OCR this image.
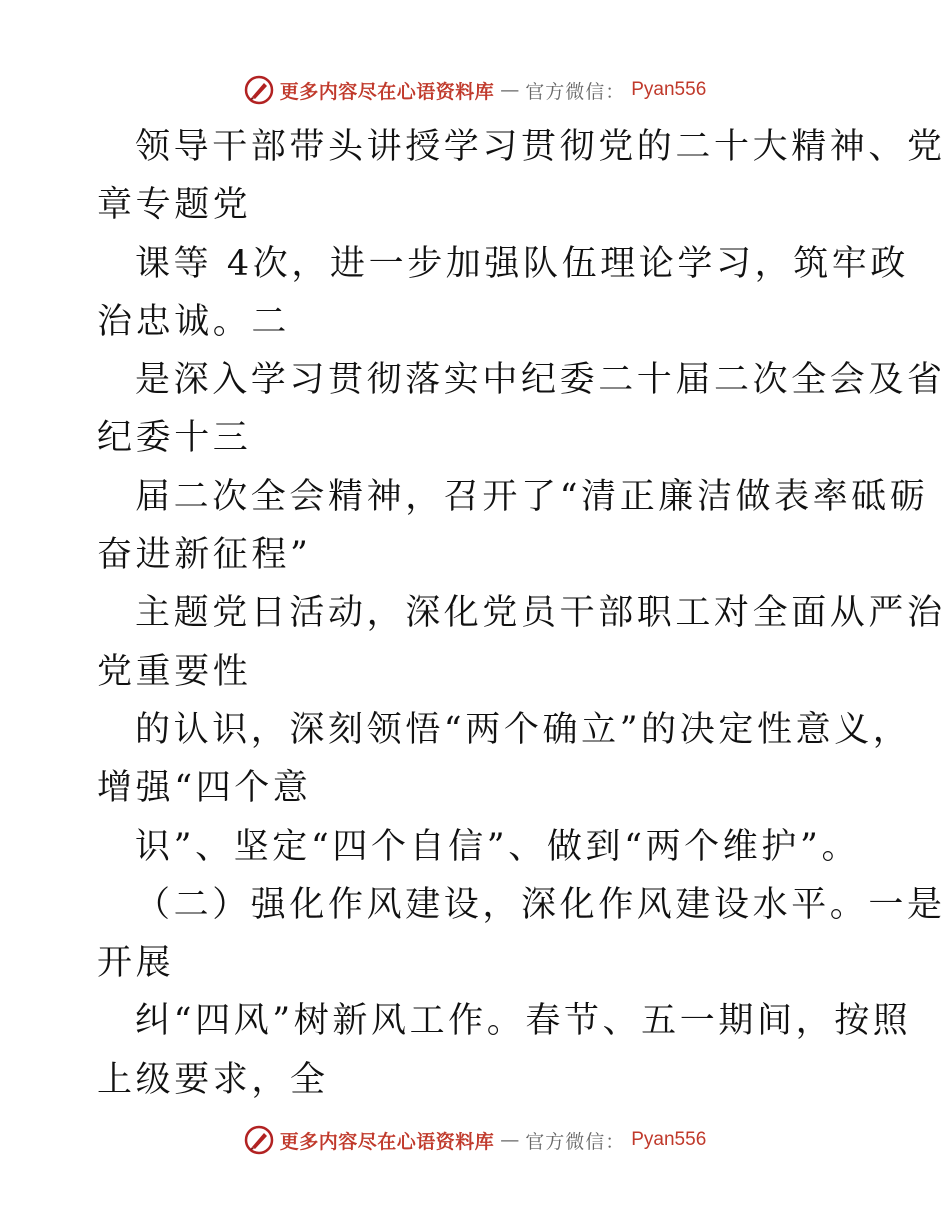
更多内容尽在心语资料库 — 官方微信： Pyan556
领导干部带头讲授学习贯彻党的二十大精神、党
章专题党
课等 4次，进一步加强队伍理论学习，筑牢政
治忠诚。二
是深入学习贯彻落实中纪委二十届二次全会及省
纪委十三
届二次全会精神，召开了“清正廉洁做表率砥砺
奋进新征程”
主题党日活动，深化党员干部职工对全面从严治
党重要性
的认识，深刻领悟“两个确立”的决定性意义，
增强“四个意
识”、坚定“四个自信”、做到“两个维护”。
（二）强化作风建设，深化作风建设水平。一是
开展
纠“四风”树新风工作。春节、五一期间，按照
上级要求，全
更多内容尽在心语资料库 — 官方微信： Pyan556
